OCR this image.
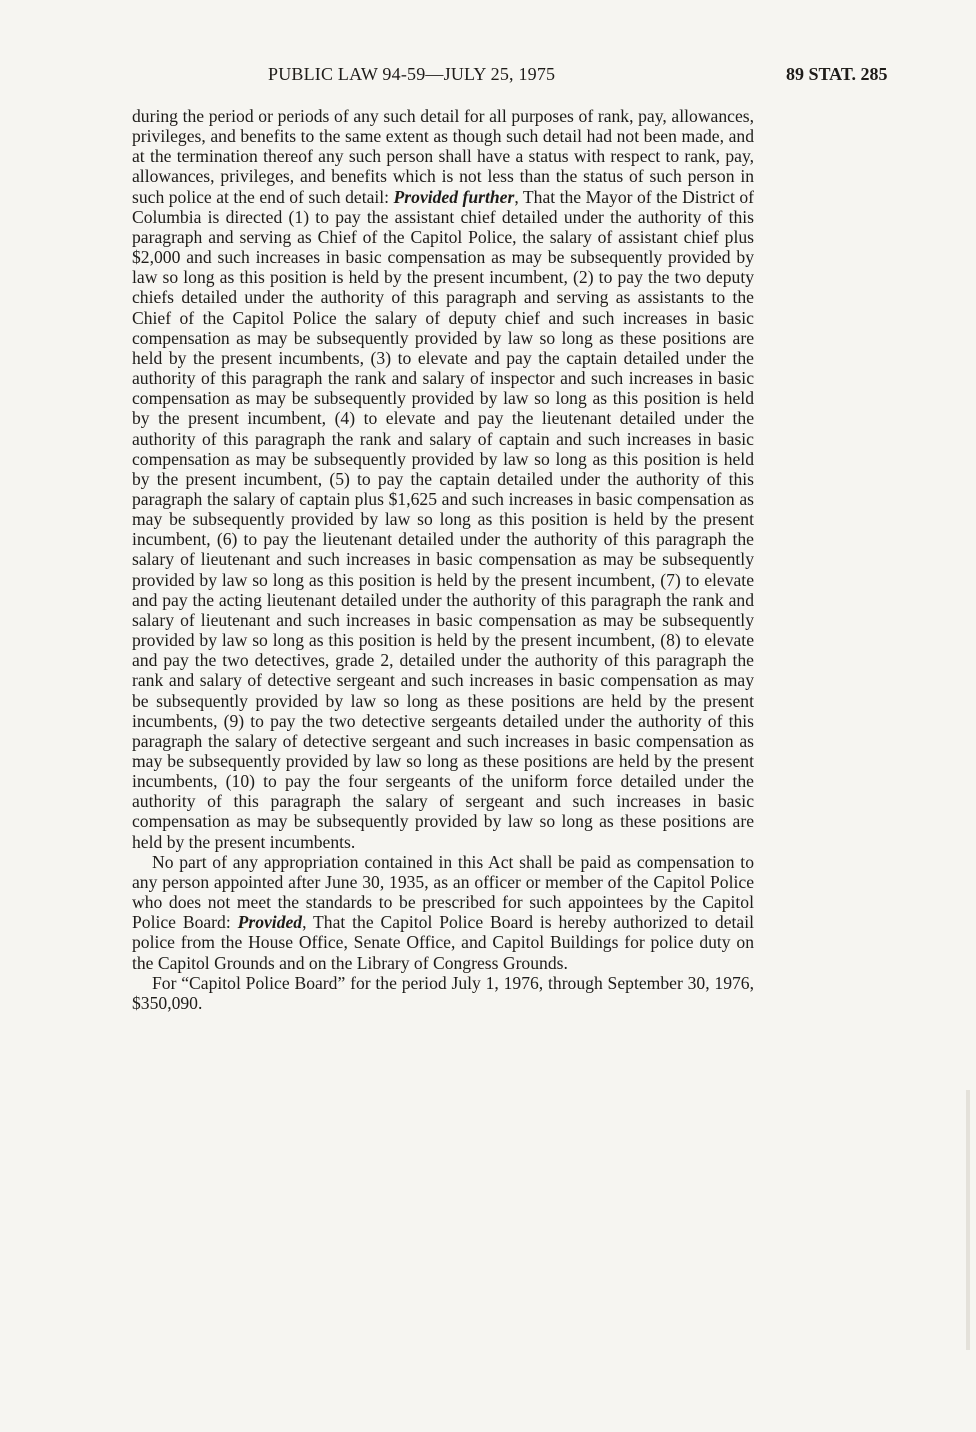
PUBLIC LAW 94-59—JULY 25, 1975	89 STAT. 285

during the period or periods of any such detail for all purposes of rank, pay, allowances, privileges, and benefits to the same extent as though such detail had not been made, and at the termination thereof any such person shall have a status with respect to rank, pay, allowances, privileges, and benefits which is not less than the status of such person in such police at the end of such detail: Provided further, That the Mayor of the District of Columbia is directed (1) to pay the assistant chief detailed under the authority of this paragraph and serving as Chief of the Capitol Police, the salary of assistant chief plus $2,000 and such increases in basic compensation as may be subsequently provided by law so long as this position is held by the present incumbent, (2) to pay the two deputy chiefs detailed under the authority of this paragraph and serving as assistants to the Chief of the Capitol Police the salary of deputy chief and such increases in basic compensation as may be subsequently provided by law so long as these positions are held by the present incumbents, (3) to elevate and pay the captain detailed under the authority of this paragraph the rank and salary of inspector and such increases in basic compensation as may be subsequently provided by law so long as this position is held by the present incumbent, (4) to elevate and pay the lieutenant detailed under the authority of this paragraph the rank and salary of captain and such increases in basic compensation as may be subsequently provided by law so long as this position is held by the present incumbent, (5) to pay the captain detailed under the authority of this paragraph the salary of captain plus $1,625 and such increases in basic compensation as may be subsequently provided by law so long as this position is held by the present incumbent, (6) to pay the lieutenant detailed under the authority of this paragraph the salary of lieutenant and such increases in basic compensation as may be subsequently provided by law so long as this position is held by the present incumbent, (7) to elevate and pay the acting lieutenant detailed under the authority of this paragraph the rank and salary of lieutenant and such increases in basic compensation as may be subsequently provided by law so long as this position is held by the present incumbent, (8) to elevate and pay the two detectives, grade 2, detailed under the authority of this paragraph the rank and salary of detective sergeant and such increases in basic compensation as may be subsequently provided by law so long as these positions are held by the present incumbents, (9) to pay the two detective sergeants detailed under the authority of this paragraph the salary of detective sergeant and such increases in basic compensation as may be subsequently provided by law so long as these positions are held by the present incumbents, (10) to pay the four sergeants of the uniform force detailed under the authority of this paragraph the salary of sergeant and such increases in basic compensation as may be subsequently provided by law so long as these positions are held by the present incumbents.

No part of any appropriation contained in this Act shall be paid as compensation to any person appointed after June 30, 1935, as an officer or member of the Capitol Police who does not meet the standards to be prescribed for such appointees by the Capitol Police Board: Provided, That the Capitol Police Board is hereby authorized to detail police from the House Office, Senate Office, and Capitol Buildings for police duty on the Capitol Grounds and on the Library of Congress Grounds.

For “Capitol Police Board” for the period July 1, 1976, through September 30, 1976, $350,090.
